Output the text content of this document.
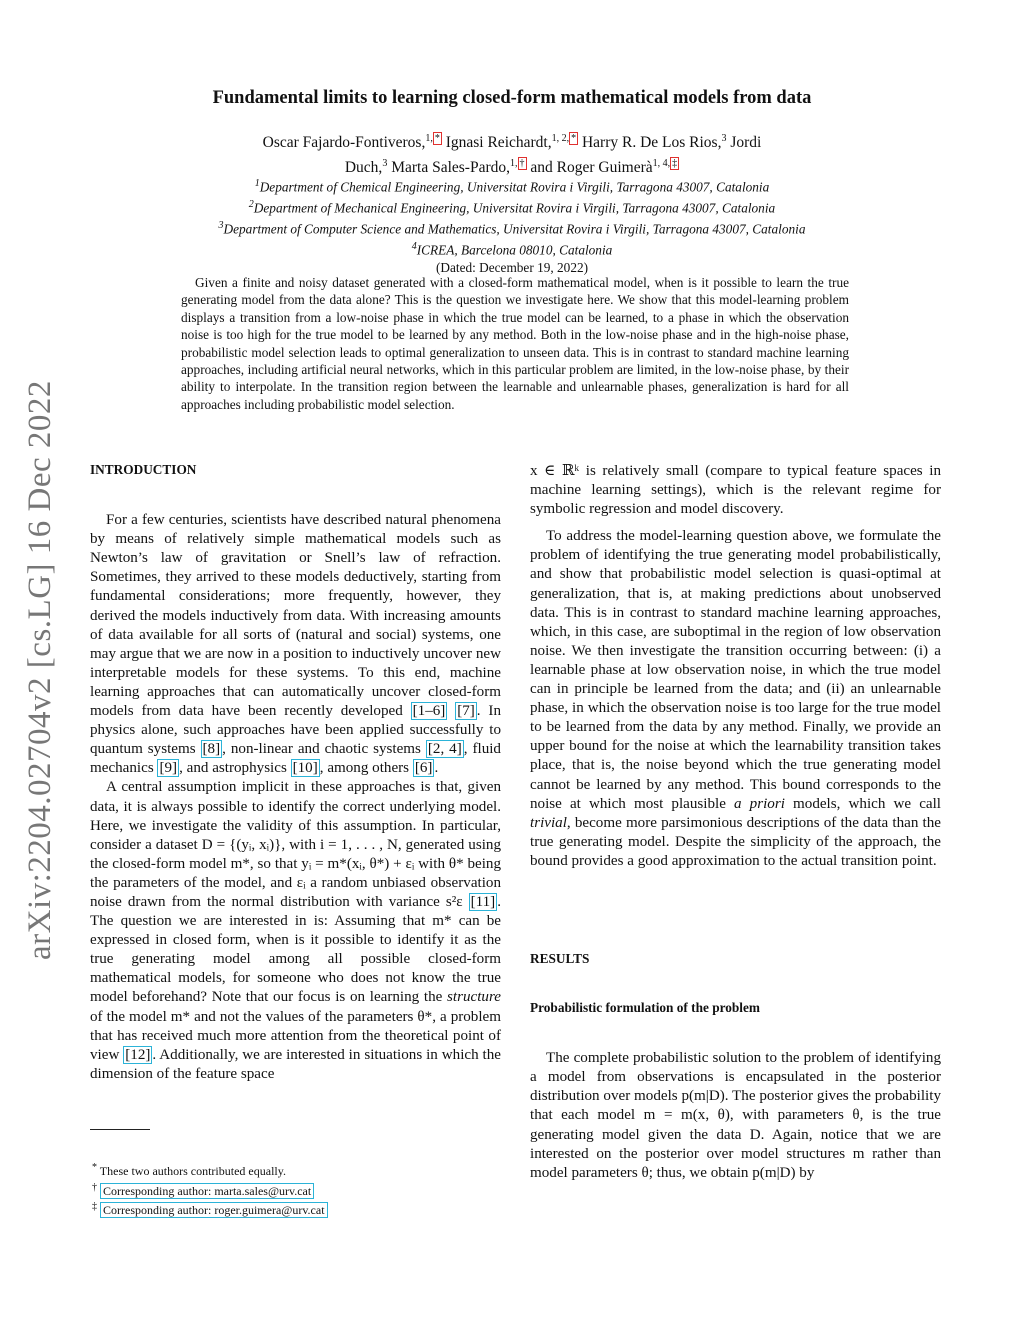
arXiv:2204.02704v2 [cs.LG] 16 Dec 2022
Fundamental limits to learning closed-form mathematical models from data
Oscar Fajardo-Fontiveros,$^{1,}$ * Ignasi Reichardt,$^{1, 2,}$ * Harry R. De Los Rios,$^3$ Jordi Duch,$^3$ Marta Sales-Pardo,$^{1,}$ † and Roger Guimerà$^{1, 4,}$ ‡
$^1$Department of Chemical Engineering, Universitat Rovira i Virgili, Tarragona 43007, Catalonia
$^2$Department of Mechanical Engineering, Universitat Rovira i Virgili, Tarragona 43007, Catalonia
$^3$Department of Computer Science and Mathematics, Universitat Rovira i Virgili, Tarragona 43007, Catalonia
$^4$ICREA, Barcelona 08010, Catalonia
(Dated: December 19, 2022)
Given a finite and noisy dataset generated with a closed-form mathematical model, when is it possible to learn the true generating model from the data alone? This is the question we investigate here. We show that this model-learning problem displays a transition from a low-noise phase in which the true model can be learned, to a phase in which the observation noise is too high for the true model to be learned by any method. Both in the low-noise phase and in the high-noise phase, probabilistic model selection leads to optimal generalization to unseen data. This is in contrast to standard machine learning approaches, including artificial neural networks, which in this particular problem are limited, in the low-noise phase, by their ability to interpolate. In the transition region between the learnable and unlearnable phases, generalization is hard for all approaches including probabilistic model selection.

INTRODUCTION

For a few centuries, scientists have described natural phenomena by means of relatively simple mathematical models such as Newton’s law of gravitation or Snell’s law of refraction. Sometimes, they arrived to these models deductively, starting from fundamental considerations; more frequently, however, they derived the models inductively from data. With increasing amounts of data available for all sorts of (natural and social) systems, one may argue that we are now in a position to inductively uncover new interpretable models for these systems. To this end, machine learning approaches that can automatically uncover closed-form models from data have been recently developed [1–6] [7] . In physics alone, such approaches have been applied successfully to quantum systems [8] , non-linear and chaotic systems [2, 4] , fluid mechanics [9] , and astrophysics [10] , among others [6] .

A central assumption implicit in these approaches is that, given data, it is always possible to identify the correct underlying model. Here, we investigate the validity of this assumption. In particular, consider a dataset D = {(yᵢ, xᵢ)}, with i = 1, . . . , N, generated using the closed-form model m*, so that yᵢ = m*(xᵢ, θ*) + εᵢ with θ* being the parameters of the model, and εᵢ a random unbiased observation noise drawn from the normal distribution with variance s²ε [11] . The question we are interested in is: Assuming that m* can be expressed in closed form, when is it possible to identify it as the true generating model among all possible closed-form mathematical models, for someone who does not know the true model beforehand? Note that our focus is on learning the structure of the model m* and not the values of the parameters θ*, a problem that has received much more attention from the theoretical point of view [12] . Additionally, we are interested in situations in which the dimension of the feature space

x ∈ ℝᵏ is relatively small (compare to typical feature spaces in machine learning settings), which is the relevant regime for symbolic regression and model discovery.

To address the model-learning question above, we formulate the problem of identifying the true generating model probabilistically, and show that probabilistic model selection is quasi-optimal at generalization, that is, at making predictions about unobserved data. This is in contrast to standard machine learning approaches, which, in this case, are suboptimal in the region of low observation noise. We then investigate the transition occurring between: (i) a learnable phase at low observation noise, in which the true model can in principle be learned from the data; and (ii) an unlearnable phase, in which the observation noise is too large for the true model to be learned from the data by any method. Finally, we provide an upper bound for the noise at which the learnability transition takes place, that is, the noise beyond which the true generating model cannot be learned by any method. This bound corresponds to the noise at which most plausible a priori models, which we call trivial, become more parsimonious descriptions of the data than the true generating model. Despite the simplicity of the approach, the bound provides a good approximation to the actual transition point.

RESULTS

Probabilistic formulation of the problem

The complete probabilistic solution to the problem of identifying a model from observations is encapsulated in the posterior distribution over models p(m|D). The posterior gives the probability that each model m = m(x, θ), with parameters θ, is the true generating model given the data D. Again, notice that we are interested on the posterior over model structures m rather than model parameters θ; thus, we obtain p(m|D) by

* These two authors contributed equally.
† Corresponding author: marta.sales@urv.cat
‡ Corresponding author: roger.guimera@urv.cat
